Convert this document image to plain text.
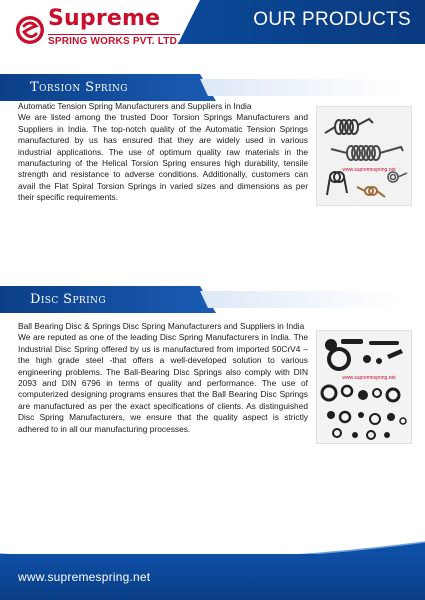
Supreme
SPRING WORKS PVT. LTD.
OUR PRODUCTS
Torsion Spring

Automatic Tension Spring Manufacturers and Suppliers in India

We are listed among the trusted Door Torsion Springs Manufacturers and Suppliers in India. The top-notch quality of the Automatic Tension Springs manufactured by us has ensured that they are widely used in various industrial applications. The use of optimum quality raw materials in the manufacturing of the Helical Torsion Spring ensures high durability, tensile strength and resistance to adverse conditions. Additionally, customers can avail the Flat Spiral Torsion Springs in varied sizes and dimensions as per their specific requirements.

www.supremespring.net
Disc Spring

Ball Bearing Disc & Springs Disc Spring Manufacturers and Suppliers in India

We are reputed as one of the leading Disc Spring Manufacturers in India. The Industrial Disc Spring offered by us is manufactured from imported 50CrV4 – the high grade steel -that offers a well-developed solution to various engineering problems. The Ball-Bearing Disc Springs also comply with DIN 2093 and DIN 6796 in terms of quality and performance. The use of computerized designing programs ensures that the Ball Bearing Disc Springs are manufactured as per the exact specifications of clients. As distinguished Disc Spring Manufacturers, we ensure that the quality aspect is strictly adhered to in all our manufacturing processes.

www.supremespring.net
www.supremespring.net
